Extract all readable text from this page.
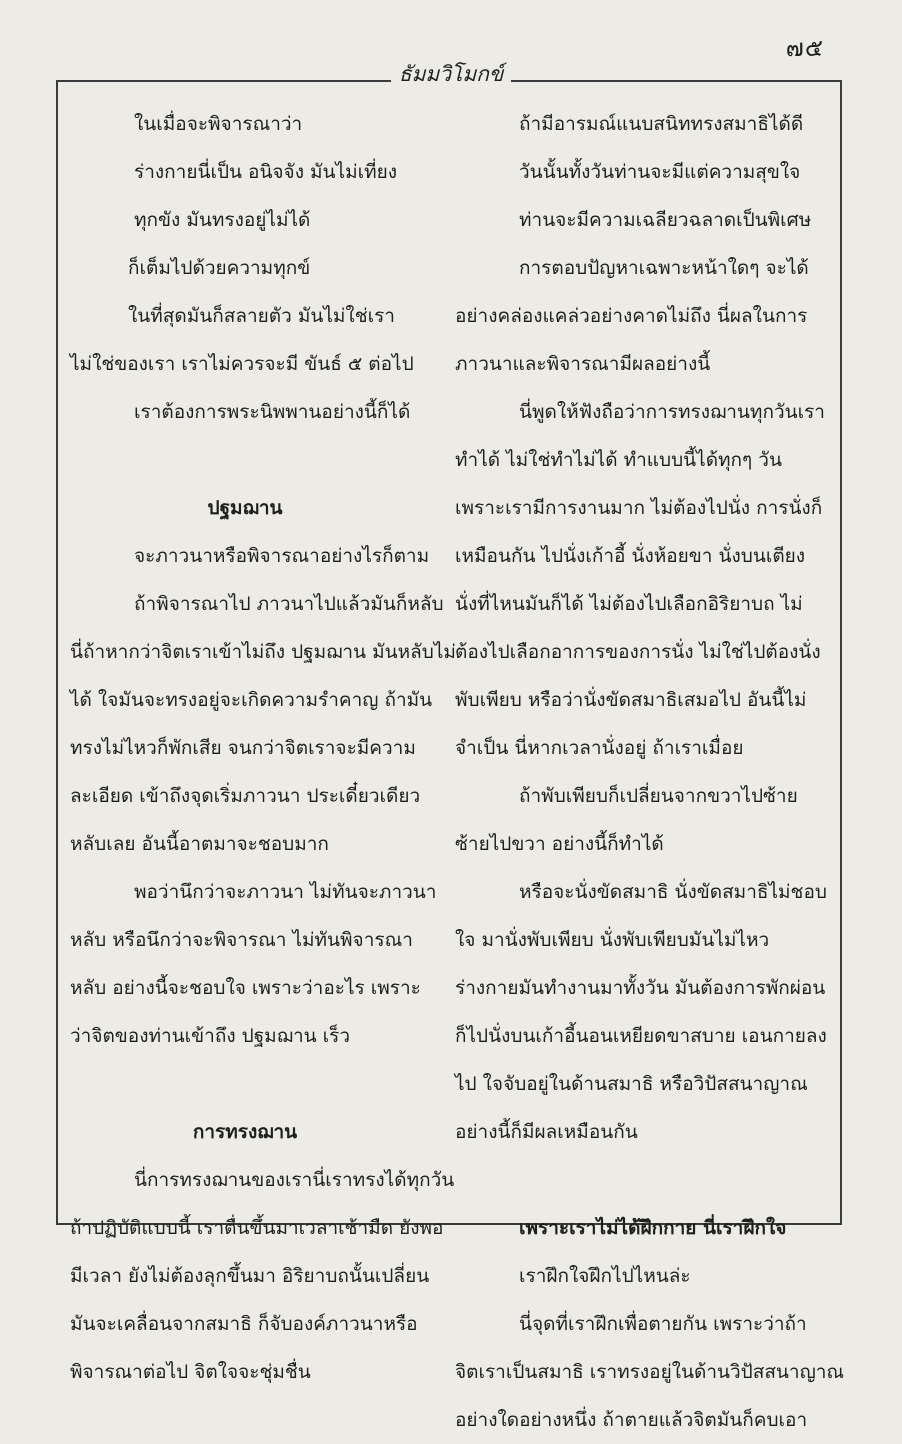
๗๕
ธัมมวิโมกข์
ในเมื่อจะพิจารณาว่า
ร่างกายนี่เป็น อนิจจัง มันไม่เที่ยง
ทุกขัง มันทรงอยู่ไม่ได้
ก็เต็มไปด้วยความทุกข์
ในที่สุดมันก็สลายตัว มันไม่ใช่เรา
ไม่ใช่ของเรา เราไม่ควรจะมี ขันธ์ ๕ ต่อไป
เราต้องการพระนิพพานอย่างนี้ก็ได้
ปฐมฌาน
จะภาวนาหรือพิจารณาอย่างไรก็ตาม
ถ้าพิจารณาไป ภาวนาไปแล้วมันก็หลับ
นี่ถ้าหากว่าจิตเราเข้าไม่ถึง ปฐมฌาน มันหลับไม่
ได้ ใจมันจะทรงอยู่จะเกิดความรำคาญ ถ้ามัน
ทรงไม่ไหวก็พักเสีย จนกว่าจิตเราจะมีความ
ละเอียด เข้าถึงจุดเริ่มภาวนา ประเดี๋ยวเดียว
หลับเลย อันนี้อาตมาจะชอบมาก
พอว่านึกว่าจะภาวนา ไม่ทันจะภาวนา
หลับ หรือนึกว่าจะพิจารณา ไม่ทันพิจารณา
หลับ อย่างนี้จะชอบใจ เพราะว่าอะไร เพราะ
ว่าจิตของท่านเข้าถึง ปฐมฌาน เร็ว
การทรงฌาน
นี่การทรงฌานของเรานี่เราทรงได้ทุกวัน
ถ้าปฏิบัติแบบนี้ เราตื่นขึ้นมาเวลาเช้ามืด ยังพอ
มีเวลา ยังไม่ต้องลุกขึ้นมา อิริยาบถนั้นเปลี่ยน
มันจะเคลื่อนจากสมาธิ ก็จับองค์ภาวนาหรือ
พิจารณาต่อไป จิตใจจะชุ่มชื่น
ถ้ามีอารมณ์แนบสนิททรงสมาธิได้ดี
วันนั้นทั้งวันท่านจะมีแต่ความสุขใจ
ท่านจะมีความเฉลียวฉลาดเป็นพิเศษ
การตอบปัญหาเฉพาะหน้าใดๆ จะได้
อย่างคล่องแคล่วอย่างคาดไม่ถึง นี่ผลในการ
ภาวนาและพิจารณามีผลอย่างนี้
นี่พูดให้ฟังถือว่าการทรงฌานทุกวันเรา
ทำได้ ไม่ใช่ทำไม่ได้ ทำแบบนี้ได้ทุกๆ วัน
เพราะเรามีการงานมาก ไม่ต้องไปนั่ง การนั่งก็
เหมือนกัน ไปนั่งเก้าอี้ นั่งห้อยขา นั่งบนเตียง
นั่งที่ไหนมันก็ได้ ไม่ต้องไปเลือกอิริยาบถ ไม่
ต้องไปเลือกอาการของการนั่ง ไม่ใช่ไปต้องนั่ง
พับเพียบ หรือว่านั่งขัดสมาธิเสมอไป อันนี้ไม่
จำเป็น นี่หากเวลานั่งอยู่ ถ้าเราเมื่อย
ถ้าพับเพียบก็เปลี่ยนจากขวาไปซ้าย
ซ้ายไปขวา อย่างนี้ก็ทำได้
หรือจะนั่งขัดสมาธิ นั่งขัดสมาธิไม่ชอบ
ใจ มานั่งพับเพียบ นั่งพับเพียบมันไม่ไหว
ร่างกายมันทำงานมาทั้งวัน มันต้องการพักผ่อน
ก็ไปนั่งบนเก้าอี้นอนเหยียดขาสบาย เอนกายลง
ไป ใจจับอยู่ในด้านสมาธิ หรือวิปัสสนาญาณ
อย่างนี้ก็มีผลเหมือนกัน
เพราะเราไม่ได้ฝึกกาย นี่เราฝึกใจ
เราฝึกใจฝึกไปไหนล่ะ
นี่จุดที่เราฝึกเพื่อตายกัน เพราะว่าถ้า
จิตเราเป็นสมาธิ เราทรงอยู่ในด้านวิปัสสนาญาณ
อย่างใดอย่างหนึ่ง ถ้าตายแล้วจิตมันก็คบเอา
